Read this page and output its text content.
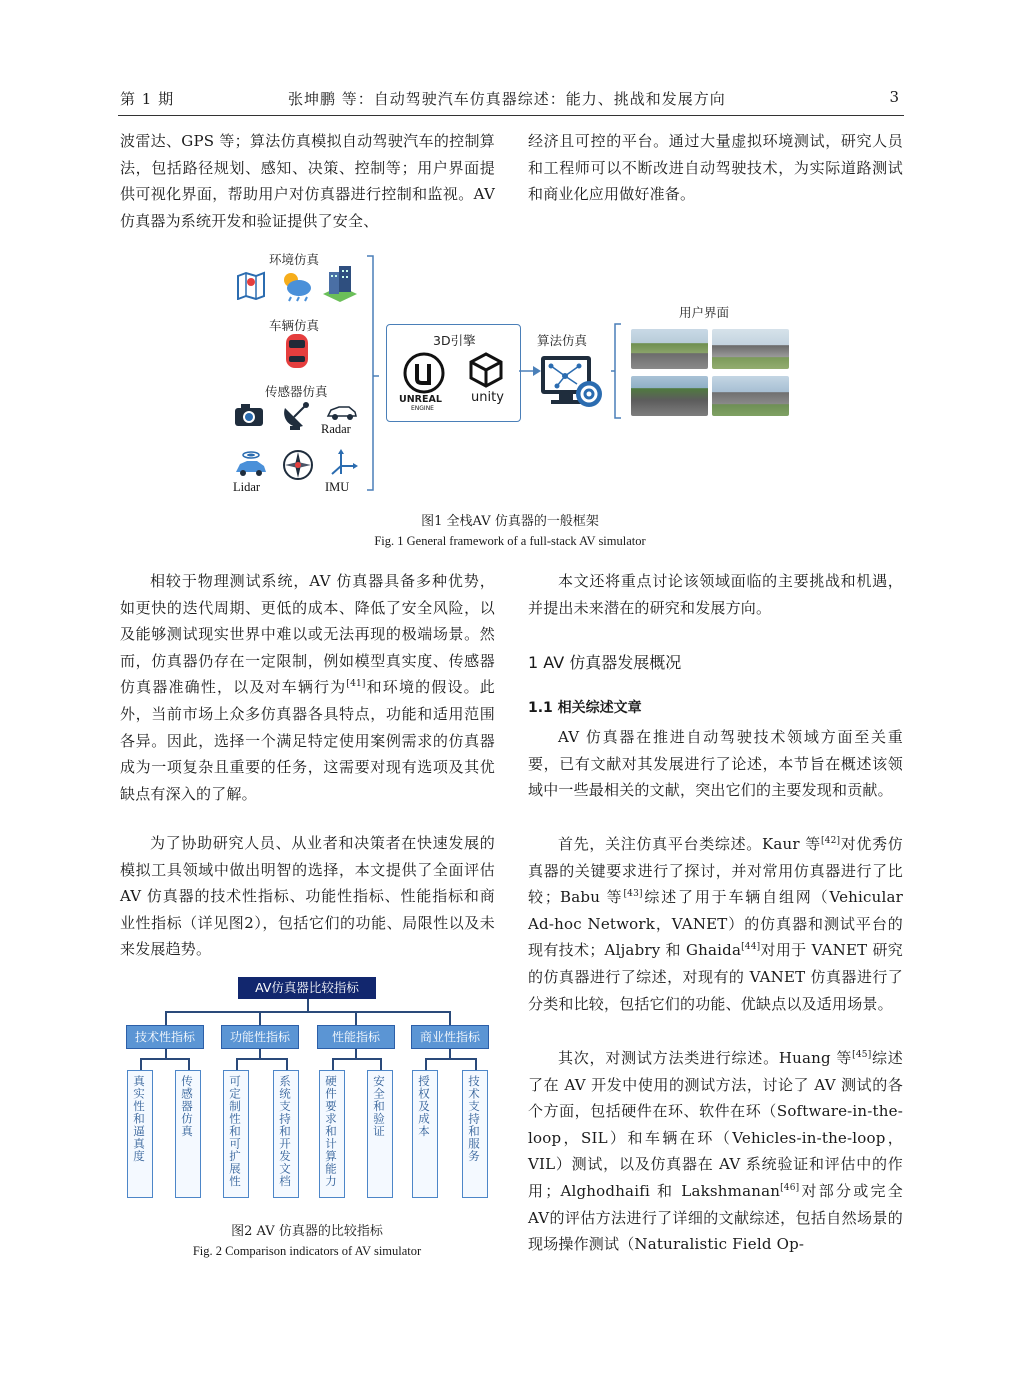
第 1 期	张坤鹏 等：自动驾驶汽车仿真器综述：能力、挑战和发展方向	3

波雷达、GPS 等；算法仿真模拟自动驾驶汽车的控制算法，包括路径规划、感知、决策、控制等；用户界面提供可视化界面，帮助用户对仿真器进行控制和监视。AV 仿真器为系统开发和验证提供了安全、

经济且可控的平台。通过大量虚拟环境测试，研究人员和工程师可以不断改进自动驾驶技术，为实际道路测试和商业化应用做好准备。

环境仿真
车辆仿真
传感器仿真
Radar
Lidar	IMU
3D引擎
UNREAL
ENGINE
unity
算法仿真
用户界面
图1 全栈AV 仿真器的一般框架
Fig. 1 General framework of a full-stack AV simulator

相较于物理测试系统，AV 仿真器具备多种优势，如更快的迭代周期、更低的成本、降低了安全风险，以及能够测试现实世界中难以或无法再现的极端场景。然而，仿真器仍存在一定限制，例如模型真实度、传感器仿真器准确性，以及对车辆行为[41]和环境的假设。此外，当前市场上众多仿真器各具特点，功能和适用范围各异。因此，选择一个满足特定使用案例需求的仿真器成为一项复杂且重要的任务，这需要对现有选项及其优缺点有深入的了解。

为了协助研究人员、从业者和决策者在快速发展的模拟工具领域中做出明智的选择，本文提供了全面评估 AV 仿真器的技术性指标、功能性指标、性能指标和商业性指标（详见图2），包括它们的功能、局限性以及未来发展趋势。

AV仿真器比较指标
技术性指标	功能性指标	性能指标	商业性指标
真实性和逼真度	传感器仿真	可定制性和可扩展性	系统支持和开发文档	硬件要求和计算能力	安全和验证	授权及成本	技术支持和服务
图2 AV 仿真器的比较指标
Fig. 2 Comparison indicators of AV simulator

本文还将重点讨论该领域面临的主要挑战和机遇，并提出未来潜在的研究和发展方向。

1 AV 仿真器发展概况
1.1 相关综述文章

AV 仿真器在推进自动驾驶技术领域方面至关重要，已有文献对其发展进行了论述，本节旨在概述该领域中一些最相关的文献，突出它们的主要发现和贡献。

首先，关注仿真平台类综述。Kaur 等[42]对优秀仿真器的关键要求进行了探讨，并对常用仿真器进行了比较；Babu 等[43]综述了用于车辆自组网（Vehicular Ad-hoc Network，VANET）的仿真器和测试平台的现有技术；Aljabry 和 Ghaida[44]对用于 VANET 研究的仿真器进行了综述，对现有的 VANET 仿真器进行了分类和比较，包括它们的功能、优缺点以及适用场景。

其次，对测试方法类进行综述。Huang 等[45]综述了在 AV 开发中使用的测试方法，讨论了 AV 测试的各个方面，包括硬件在环、软件在环（Software-in-the-loop，SIL）和车辆在环（Vehicles-in-the-loop，VIL）测试，以及仿真器在 AV 系统验证和评估中的作用；Alghodhaifi 和 Lakshmanan[46]对部分或完全AV的评估方法进行了详细的文献综述，包括自然场景的现场操作测试（Naturalistic Field Op-
